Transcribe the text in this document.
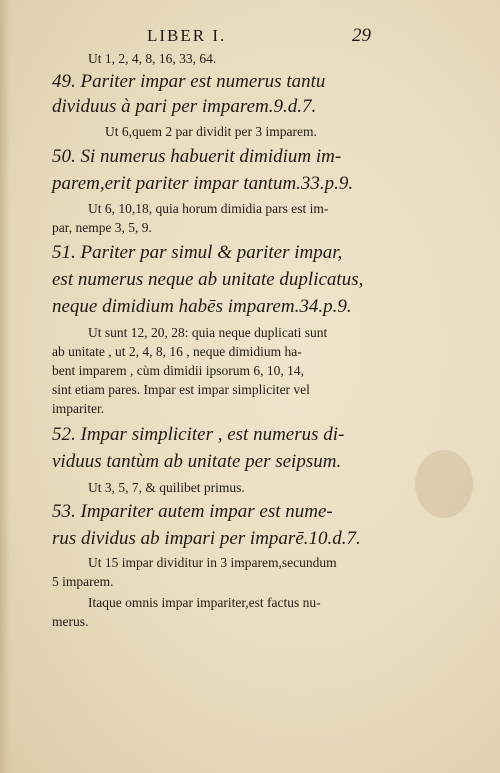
LIBER I.	29
Ut 1, 2, 4, 8, 16, 33, 64.
49. Pariter impar est numerus tantu
dividuus à pari per imparem.9.d.7.
Ut 6,quem 2 par dividit per 3 imparem.
50. Si numerus habuerit dimidium im-
parem,erit pariter impar tantum.33.p.9.
Ut 6, 10,18, quia horum dimidia pars est im-
par, nempe 3, 5, 9.
51. Pariter par simul & pariter impar,
est numerus neque ab unitate duplicatus,
neque dimidium habēs imparem.34.p.9.
Ut sunt 12, 20, 28: quia neque duplicati sunt
ab unitate , ut 2, 4, 8, 16 , neque dimidium ha-
bent imparem , cùm dimidii ipsorum 6, 10, 14,
sint etiam pares. Impar est impar simpliciter vel
impariter.
52. Impar simpliciter , est numerus di-
viduus tantùm ab unitate per seipsum.
Ut 3, 5, 7, & quilibet primus.
53. Impariter autem impar est nume-
rus dividus ab impari per imparē.10.d.7.
Ut 15 impar dividitur in 3 imparem,secundum
5 imparem.
Itaque omnis impar impariter,est factus nu-
merus.
